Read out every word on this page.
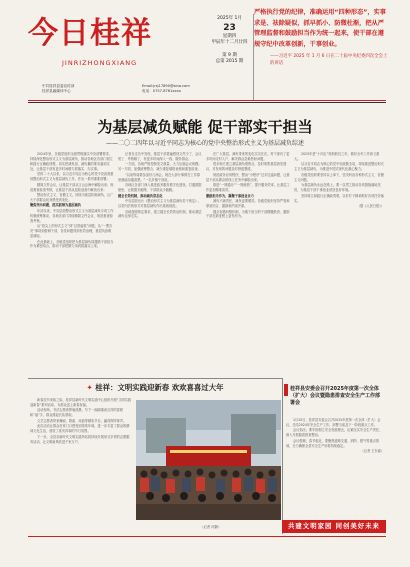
今日桂祥
JINRIZHONGXIANG
中共桂祥县委宣传部
桂祥县融媒体中心
Email:jrzj17890@sina.com
电话：0757-8761xxxx
2025年 1月
23
星期四
甲辰年十二月廿四
第 9 期
总第 2015 期
严格执行党的纪律，准确运用“四种形态”，实事求是、祛除疑似，抓早抓小、防微杜渐，把从严管理监督和鼓励担当作为统一起来，使干部在遵规守纪中改革创新，干事创业。
——习近平 2025 年 1 月 6 日在二十届中央纪委四次全会上的讲话
为基层减负赋能 促干部实干担当
——二〇二四年以习近平同志为核心的党中央整治形式主义为基层减负综述

2024年里，各级党组织全面贯彻落实中央部署要求，持续深化整治形式主义为基层减负，推动各地区各部门树立和践行正确政绩观，切实把减负担、减负累的要求落到实处，让基层干部有更多时间精力抓落实、办实事。

党的二十大以来，以习近平同志为核心的党中央高度重视整治形式主义为基层减负工作，作出一系列重要部署。

精简文件会议，让基层干部从文山会海中解脱出来；规范督查检查考核，让基层干部从迎检迎查中解放出来；

整治形式主义、官僚主义，持续为基层松绑减负，让广大干部群众切身感受到变化。

聚焦突出问题，抓实抓细为基层减负

年初以来，中央层面整治形式主义为基层减负专项工作机制统筹推动，各地各部门持续精简文件会议、规范督查检查考核。

从“指尖上的形式主义”到“过度留痕”问题，从“一票否决”事项到借调干部，各类问题得到有效治理，基层负担明显减轻。

在此基础上，各级党组织把为基层减负同激励干部担当作为紧密结合，推动干部把精力用到抓落实上来。

记者在走访中发现，基层干部普遍感到文件少了、会议短了、考核精了，有更多时间深入一线、服务群众。

一方面，各地严格控制发文数量，大力压缩会议规模；另一方面，加强统筹整合，减少重复填报表格和重复检查。

“以前每周要参加好几场会，现在大部分事情在工作群里就能沟通清楚。”一名乡镇干部说。

各地区各部门深入推进政务服务数字化建设，打通数据壁垒，让数据多跑路、干部群众少跑腿。

健全长效机制，推动减负常态化

中央层面出台《整治形式主义为基层减负若干规定》，以党内法规形式对基层减负作出系统规范。

各地按照规定要求，建立健全长效常治机制，推动基层减负走深走实。

在广大基层，减负带来的变化实实在在。村干部有了更多时间走村入户，解决群众急难愁盼问题。

很多地方建立基层减负观察点，及时收集基层意见建议，对发现的问题及时督促整改。

规范政务应用程序，整治“小程序”过多过滥问题，让基层干部从繁杂的线上任务中解脱出来。

推进“一网通办”“一网统管”，提升服务效率，让基层工作更加精准高效。

激励担当作为，凝聚干事创业合力

减负不减责任，减负更要增效。各级党组织坚持严管和厚爱结合、激励和约束并重。

健全容错纠错机制，为敢于担当的干部撑腰鼓劲，激励干部在新征程上奋发有为。

2025年是“十四五”规划收官之年，做好全年工作意义重大。

以习近平同志为核心的党中央统揽全局，持续推进整治形式主义为基层减负，为推进中国式现代化凝心聚力。

各级党组织要坚持以上率下，坚决纠治各种形式主义、官僚主义问题。

为基层减负永远在路上。要一以贯之推动各项措施落地见效，为基层干部干事创业营造良好环境。

坚持树立和践行正确政绩观，以钉钉子精神抓好各项任务落实。

（据《人民日报》）

✦ 桂祥：文明实践迎新春 欢欢喜喜过大年

新春佳节来临之际，桂祥县新时代文明实践中心组织开展“文明实践迎新春”系列活动，为群众送上新春祝福。

活动现场，书法志愿者挥毫泼墨，写下一副副寓意吉祥的春联和“福”字，群众排起长队领取。

文艺志愿者带来舞蹈、歌曲、戏曲等精彩节目，赢得阵阵掌声。

此次活动让群众在家门口感受到浓浓年味，进一步丰富了群众的精神文化生活，营造了喜庆祥和的节日氛围。

下一步，全县各新时代文明实践所站将持续开展形式多样的志愿服务活动，让文明新风吹进千家万户。

（记者 何静）
桂祥县安委会召开2025年度第一次全体（扩大）会议暨隐患排查安全生产工作部署会

1月20日，桂祥县安委会召开2025年度第一次全体（扩大）会议，总结2024年安全生产工作，部署当前及下一阶段重点工作。

会议指出，要牢固树立安全发展理念，压紧压实安全生产责任，深入开展隐患排查整治。

会议强调，春节临近，要聚焦道路交通、消防、燃气等重点领域，全力确保全县安全生产形势持续稳定。

（记者 王东嘉）

共建文明家园 同创美好未来
